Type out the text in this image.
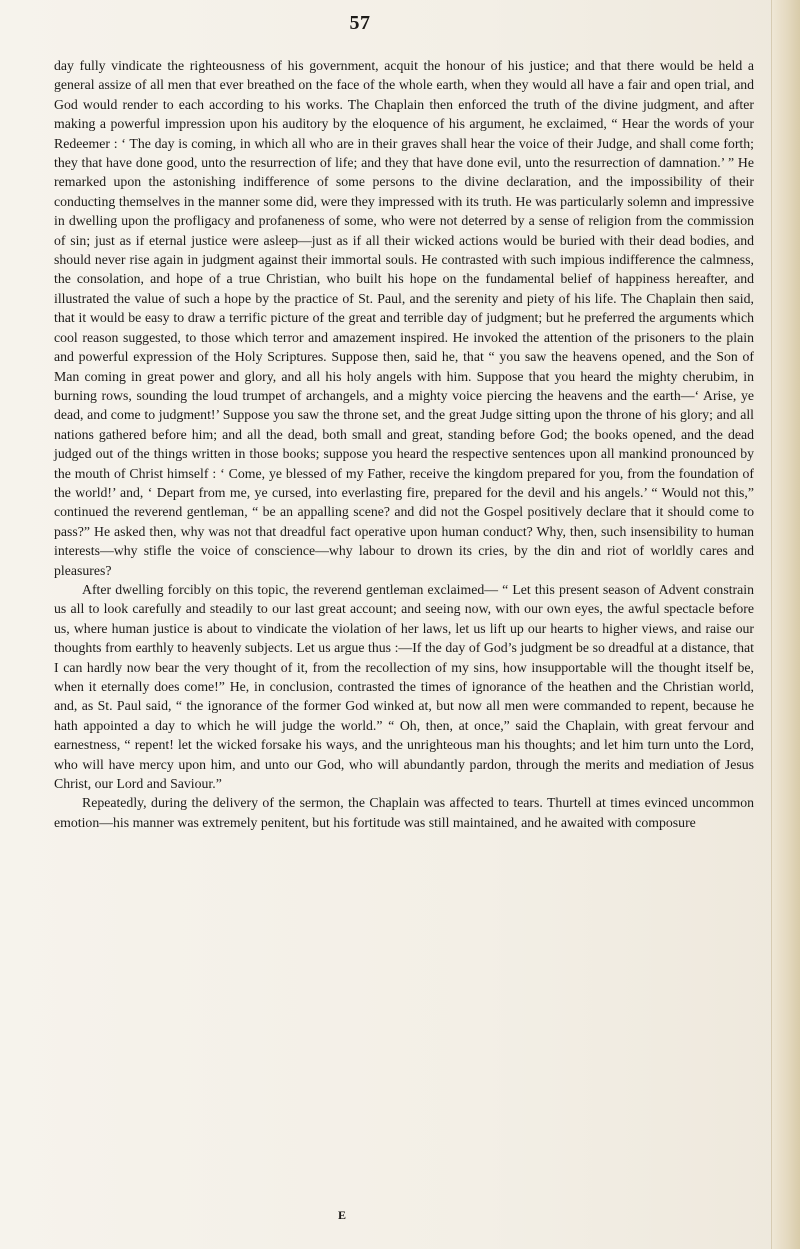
57

day fully vindicate the righteousness of his government, acquit the honour of his justice; and that there would be held a general assize of all men that ever breathed on the face of the whole earth, when they would all have a fair and open trial, and God would render to each according to his works. The Chaplain then enforced the truth of the divine judgment, and after making a powerful impression upon his auditory by the eloquence of his argument, he exclaimed, “ Hear the words of your Redeemer : ‘ The day is coming, in which all who are in their graves shall hear the voice of their Judge, and shall come forth; they that have done good, unto the resurrection of life; and they that have done evil, unto the resurrection of damnation.’ ” He remarked upon the astonishing indifference of some persons to the divine declaration, and the impossibility of their conducting themselves in the manner some did, were they impressed with its truth. He was particularly solemn and impressive in dwelling upon the profligacy and profaneness of some, who were not deterred by a sense of religion from the commission of sin; just as if eternal justice were asleep—just as if all their wicked actions would be buried with their dead bodies, and should never rise again in judgment against their immortal souls. He contrasted with such impious indifference the calmness, the consolation, and hope of a true Christian, who built his hope on the fundamental belief of happiness hereafter, and illustrated the value of such a hope by the practice of St. Paul, and the serenity and piety of his life. The Chaplain then said, that it would be easy to draw a terrific picture of the great and terrible day of judgment; but he preferred the arguments which cool reason suggested, to those which terror and amazement inspired. He invoked the attention of the prisoners to the plain and powerful expression of the Holy Scriptures. Suppose then, said he, that “ you saw the heavens opened, and the Son of Man coming in great power and glory, and all his holy angels with him. Suppose that you heard the mighty cherubim, in burning rows, sounding the loud trumpet of archangels, and a mighty voice piercing the heavens and the earth—‘ Arise, ye dead, and come to judgment!’ Suppose you saw the throne set, and the great Judge sitting upon the throne of his glory; and all nations gathered before him; and all the dead, both small and great, standing before God; the books opened, and the dead judged out of the things written in those books; suppose you heard the respective sentences upon all mankind pronounced by the mouth of Christ himself : ‘ Come, ye blessed of my Father, receive the kingdom prepared for you, from the foundation of the world!’ and, ‘ Depart from me, ye cursed, into everlasting fire, prepared for the devil and his angels.’ “ Would not this,” continued the reverend gentleman, “ be an appalling scene? and did not the Gospel positively declare that it should come to pass?” He asked then, why was not that dreadful fact operative upon human conduct? Why, then, such insensibility to human interests—why stifle the voice of conscience—why labour to drown its cries, by the din and riot of worldly cares and pleasures?

After dwelling forcibly on this topic, the reverend gentleman exclaimed— “ Let this present season of Advent constrain us all to look carefully and steadily to our last great account; and seeing now, with our own eyes, the awful spectacle before us, where human justice is about to vindicate the violation of her laws, let us lift up our hearts to higher views, and raise our thoughts from earthly to heavenly subjects. Let us argue thus :—If the day of God’s judgment be so dreadful at a distance, that I can hardly now bear the very thought of it, from the recollection of my sins, how insupportable will the thought itself be, when it eternally does come!” He, in conclusion, contrasted the times of ignorance of the heathen and the Christian world, and, as St. Paul said, “ the ignorance of the former God winked at, but now all men were commanded to repent, because he hath appointed a day to which he will judge the world.” “ Oh, then, at once,” said the Chaplain, with great fervour and earnestness, “ repent! let the wicked forsake his ways, and the unrighteous man his thoughts; and let him turn unto the Lord, who will have mercy upon him, and unto our God, who will abundantly pardon, through the merits and mediation of Jesus Christ, our Lord and Saviour.”

Repeatedly, during the delivery of the sermon, the Chaplain was affected to tears. Thurtell at times evinced uncommon emotion—his manner was extremely penitent, but his fortitude was still maintained, and he awaited with composure

E
